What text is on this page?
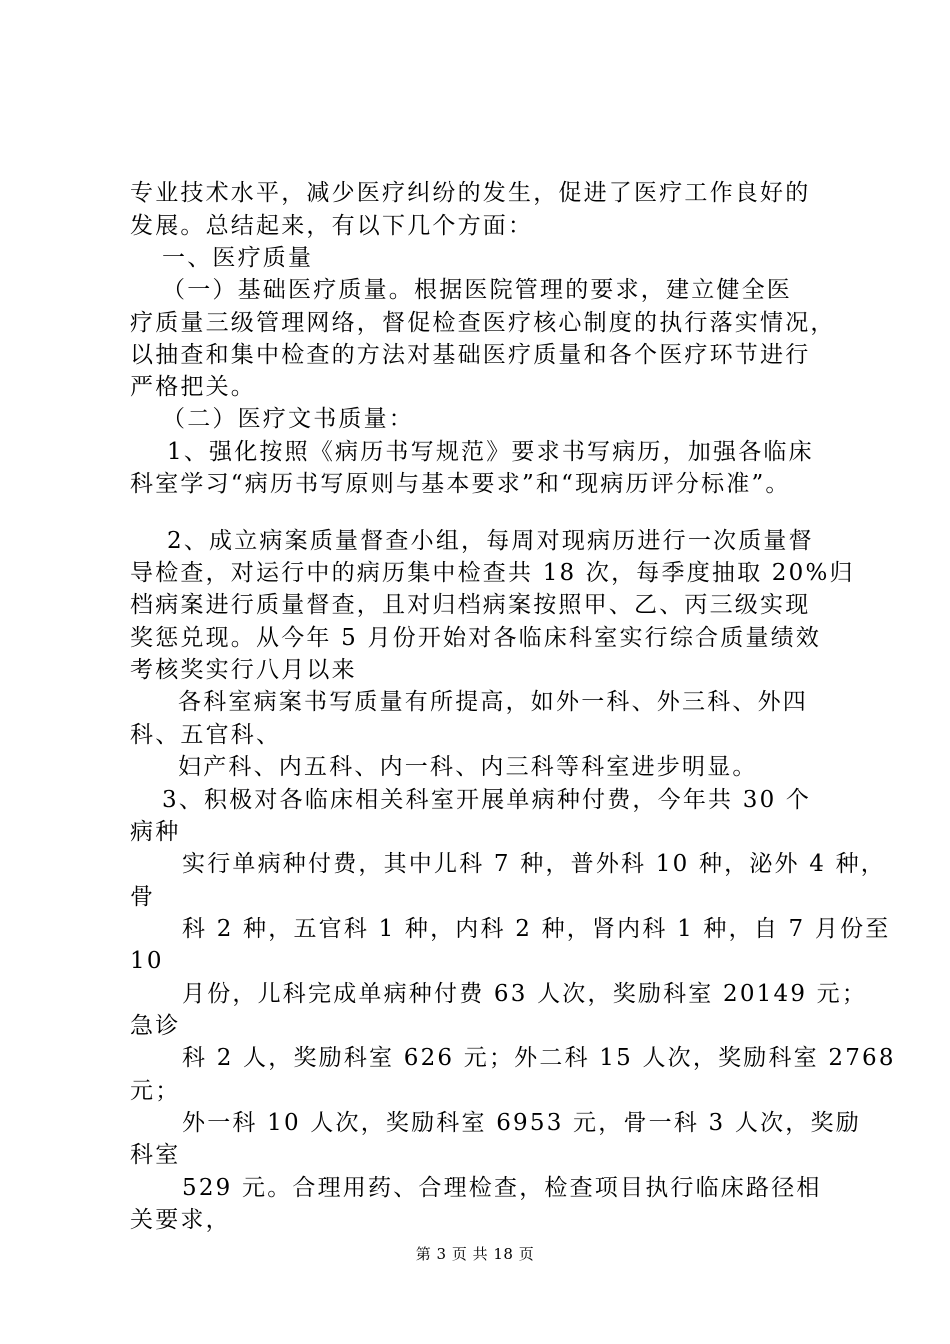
专业技术水平，减少医疗纠纷的发生，促进了医疗工作良好的
发展。总结起来，有以下几个方面：
一、医疗质量
（一）基础医疗质量。根据医院管理的要求，建立健全医
疗质量三级管理网络，督促检查医疗核心制度的执行落实情况，
以抽查和集中检查的方法对基础医疗质量和各个医疗环节进行
严格把关。
（二）医疗文书质量：
1、强化按照《病历书写规范》要求书写病历，加强各临床
科室学习“病历书写原则与基本要求”和“现病历评分标准”。
2、成立病案质量督查小组，每周对现病历进行一次质量督
导检查，对运行中的病历集中检查共 18 次，每季度抽取 20%归
档病案进行质量督查，且对归档病案按照甲、乙、丙三级实现
奖惩兑现。从今年 5 月份开始对各临床科室实行综合质量绩效
考核奖实行八月以来
各科室病案书写质量有所提高，如外一科、外三科、外四
科、五官科、
妇产科、内五科、内一科、内三科等科室进步明显。
3、积极对各临床相关科室开展单病种付费，今年共 30 个
病种
实行单病种付费，其中儿科 7 种，普外科 10 种，泌外 4 种，
骨
科 2 种，五官科 1 种，内科 2 种，肾内科 1 种，自 7 月份至
10
月份，儿科完成单病种付费 63 人次，奖励科室 20149 元；
急诊
科 2 人，奖励科室 626 元；外二科 15 人次，奖励科室 2768
元；
外一科 10 人次，奖励科室 6953 元，骨一科 3 人次，奖励
科室
529 元。合理用药、合理检查，检查项目执行临床路径相
关要求，
第 3 页 共 18 页
